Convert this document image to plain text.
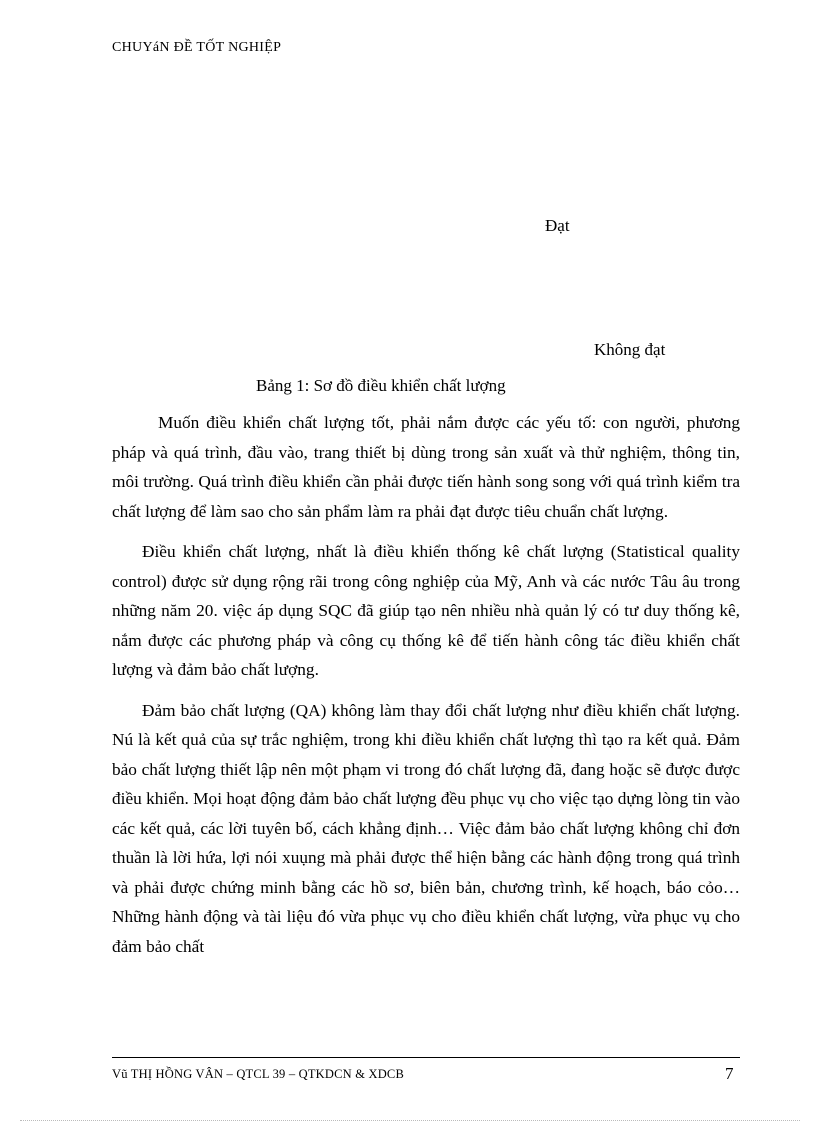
CHUYáN ĐỀ TỐT NGHIỆP
Đạt
Không đạt
Bảng 1: Sơ đồ điều khiển chất lượng

Muốn điều khiển chất lượng tốt, phải nắm được các yếu tố: con người, phương pháp và quá trình, đầu vào, trang thiết bị dùng trong sản xuất và thử nghiệm, thông tin, môi trường. Quá trình điều khiển cần phải được tiến hành song song với quá trình kiểm tra chất lượng để làm sao cho sản phẩm làm ra phải đạt được tiêu chuẩn chất lượng.

Điều khiển chất lượng, nhất là điều khiển thống kê chất lượng (Statistical quality control) được sử dụng rộng rãi trong công nghiệp của Mỹ, Anh và các nước Tâu âu trong những năm 20. việc áp dụng SQC đã giúp tạo nên nhiều nhà quản lý có tư duy thống kê, nắm được các phương pháp và công cụ thống kê để tiến hành công tác điều khiển chất lượng và đảm bảo chất lượng.

Đảm bảo chất lượng (QA) không làm thay đổi chất lượng như điều khiển chất lượng. Nú là kết quả của sự trắc nghiệm, trong khi điều khiển chất lượng thì tạo ra kết quả. Đảm bảo chất lượng thiết lập nên một phạm vi trong đó chất lượng đã, đang hoặc sẽ được được điều khiển. Mọi hoạt động đảm bảo chất lượng đều phục vụ cho việc tạo dựng lòng tin vào các kết quả, các lời tuyên bố, cách khẳng định… Việc đảm bảo chất lượng không chỉ đơn thuần là lời hứa, lợi nói xuụng mà phải được thể hiện bằng các hành động trong quá trình và phải được chứng minh bằng các hồ sơ, biên bản, chương trình, kế hoạch, báo cỏo… Những hành động và tài liệu đó vừa phục vụ cho điều khiển chất lượng, vừa phục vụ cho đảm bảo chất

Vũ THỊ HỒNG VÂN – QTCL 39 – QTKDCN & XDCB	7
